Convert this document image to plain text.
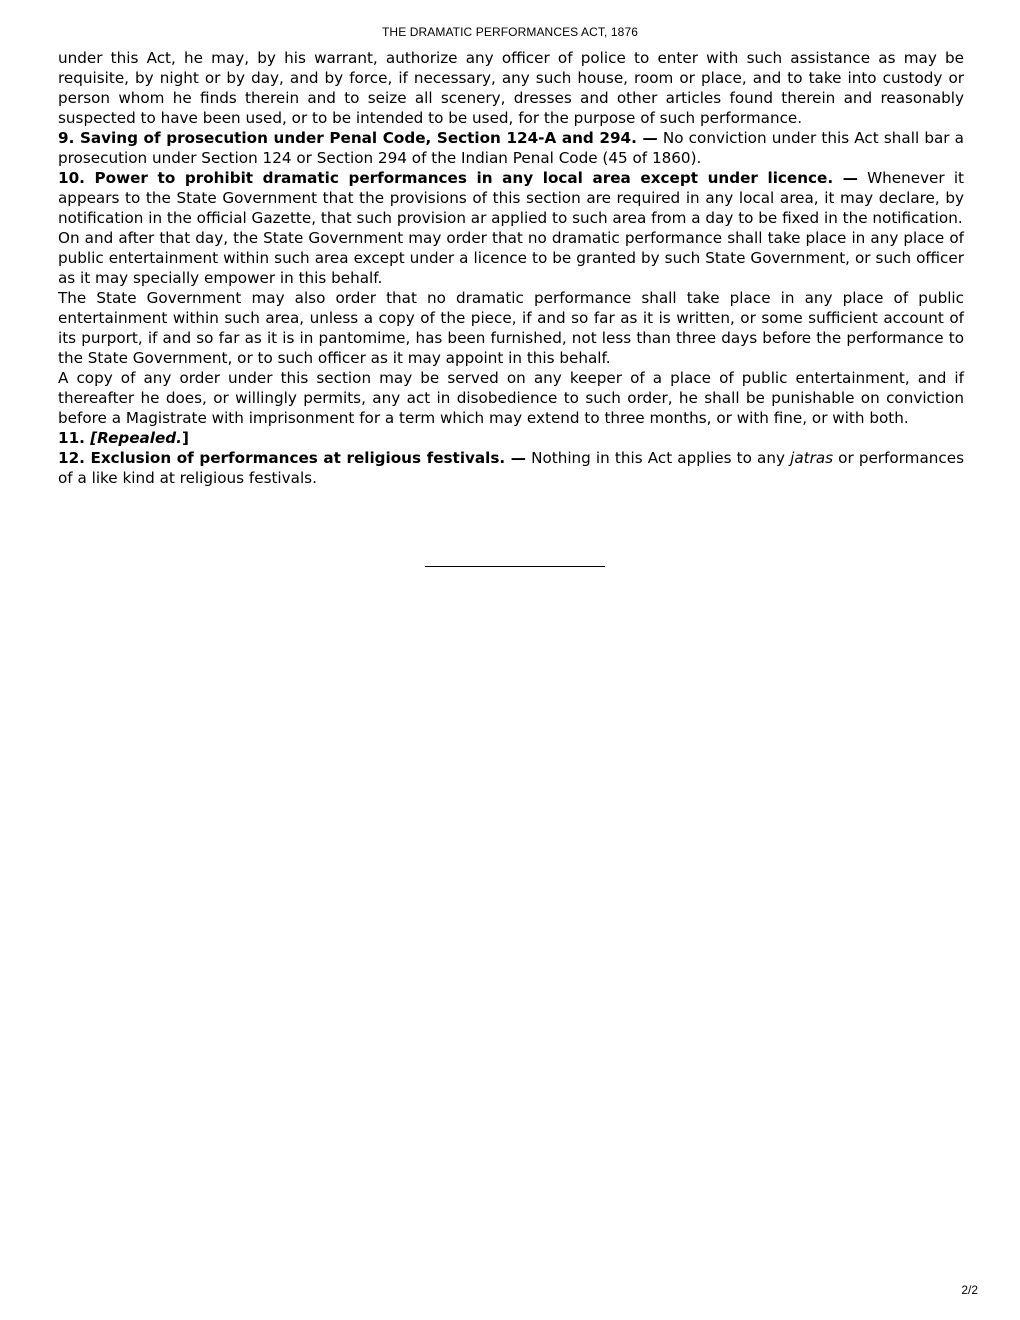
THE DRAMATIC PERFORMANCES ACT, 1876

under this Act, he may, by his warrant, authorize any officer of police to enter with such assistance as may be requisite, by night or by day, and by force, if necessary, any such house, room or place, and to take into custody or person whom he finds therein and to seize all scenery, dresses and other articles found therein and reasonably suspected to have been used, or to be intended to be used, for the purpose of such performance.

9. Saving of prosecution under Penal Code, Section 124-A and 294. — No conviction under this Act shall bar a prosecution under Section 124 or Section 294 of the Indian Penal Code (45 of 1860).

10. Power to prohibit dramatic performances in any local area except under licence. — Whenever it appears to the State Government that the provisions of this section are required in any local area, it may declare, by notification in the official Gazette, that such provision ar applied to such area from a day to be fixed in the notification.

On and after that day, the State Government may order that no dramatic performance shall take place in any place of public entertainment within such area except under a licence to be granted by such State Government, or such officer as it may specially empower in this behalf.

The State Government may also order that no dramatic performance shall take place in any place of public entertainment within such area, unless a copy of the piece, if and so far as it is written, or some sufficient account of its purport, if and so far as it is in pantomime, has been furnished, not less than three days before the performance to the State Government, or to such officer as it may appoint in this behalf.

A copy of any order under this section may be served on any keeper of a place of public entertainment, and if thereafter he does, or willingly permits, any act in disobedience to such order, he shall be punishable on conviction before a Magistrate with imprisonment for a term which may extend to three months, or with fine, or with both.

11. [Repealed.]

12. Exclusion of performances at religious festivals. — Nothing in this Act applies to any jatras or performances of a like kind at religious festivals.

2/2
